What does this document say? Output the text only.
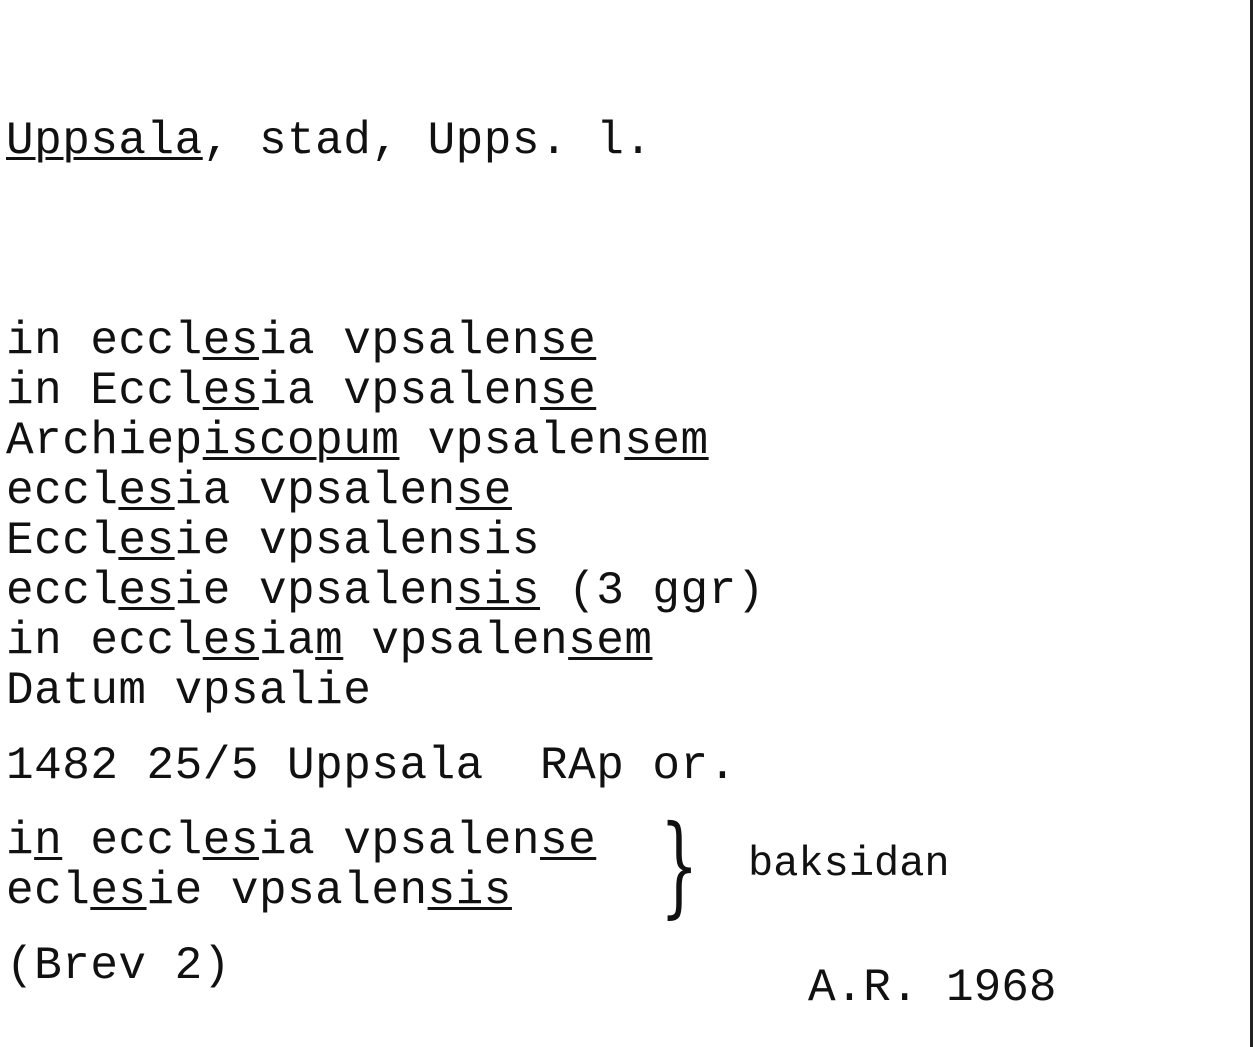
Uppsala, stad, Upps. l.
in ecclesia vpsalense
in Ecclesia vpsalense
Archiepiscopum vpsalensem
ecclesia vpsalense
Ecclesie vpsalensis
ecclesie vpsalensis (3 ggr)
in ecclesiam vpsalensem
Datum vpsalie
1482 25/5 Uppsala  RAp or.
in ecclesia vpsalense
eclesie vpsalensis } baksidan
(Brev 2)	A.R. 1968
